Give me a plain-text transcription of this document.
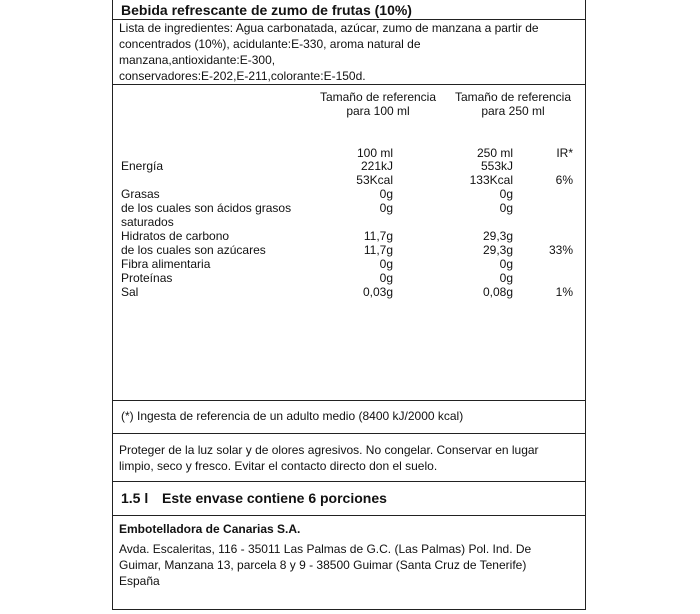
Bebida refrescante de zumo de frutas (10%)
Lista de ingredientes: Agua carbonatada, azúcar, zumo de manzana a partir de
concentrados (10%), acidulante:E-330, aroma natural de
manzana,antioxidante:E-300,
conservadores:E-202,E-211,colorante:E-150d.
Tamaño de referencia
para 100 ml
Tamaño de referencia
para 250 ml
100 ml	250 ml	IR*
Energía	221kJ	553kJ
53Kcal	133Kcal	6%
Grasas	0g	0g
de los cuales son ácidos grasos	0g	0g
saturados
Hidratos de carbono	11,7g	29,3g
de los cuales son azúcares	11,7g	29,3g	33%
Fibra alimentaria	0g	0g
Proteínas	0g	0g
Sal	0,03g	0,08g	1%
(*) Ingesta de referencia de un adulto medio (8400 kJ/2000 kcal)
Proteger de la luz solar y de olores agresivos. No congelar. Conservar en lugar
limpio, seco y fresco. Evitar el contacto directo don el suelo.
1.5 l Este envase contiene 6 porciones
Embotelladora de Canarias S.A.
Avda. Escaleritas, 116 - 35011 Las Palmas de G.C. (Las Palmas) Pol. Ind. De
Guimar, Manzana 13, parcela 8 y 9 - 38500 Guimar (Santa Cruz de Tenerife)
España
